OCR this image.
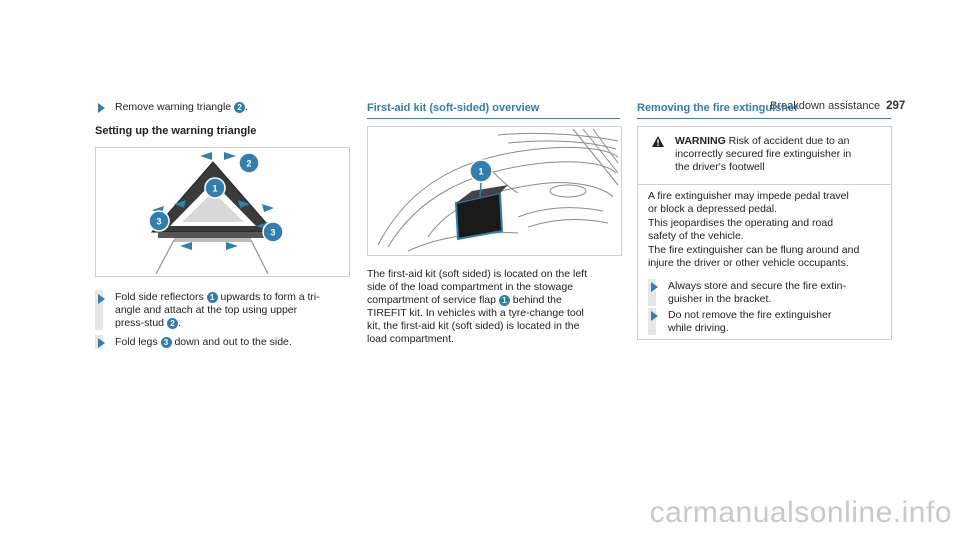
Breakdown assistance 297
Remove warning triangle 2 .
Setting up the warning triangle
2
1
3
3
Fold side reflectors 1 upwards to form a tri-
angle and attach at the top using upper
press-stud 2 .
Fold legs 3 down and out to the side.
First-aid kit (soft-sided) overview
1
The first-aid kit (soft sided) is located on the left
side of the load compartment in the stowage
compartment of service flap 1 behind the
TIREFIT kit. In vehicles with a tyre-change tool
kit, the first-aid kit (soft sided) is located in the
load compartment.
Removing the fire extinguisher
WARNING Risk of accident due to an
incorrectly secured fire extinguisher in
the driver's footwell
A fire extinguisher may impede pedal travel
or block a depressed pedal.
This jeopardises the operating and road
safety of the vehicle.
The fire extinguisher can be flung around and
injure the driver or other vehicle occupants.
Always store and secure the fire extin-
guisher in the bracket.
Do not remove the fire extinguisher
while driving.
carmanualsonline.info
